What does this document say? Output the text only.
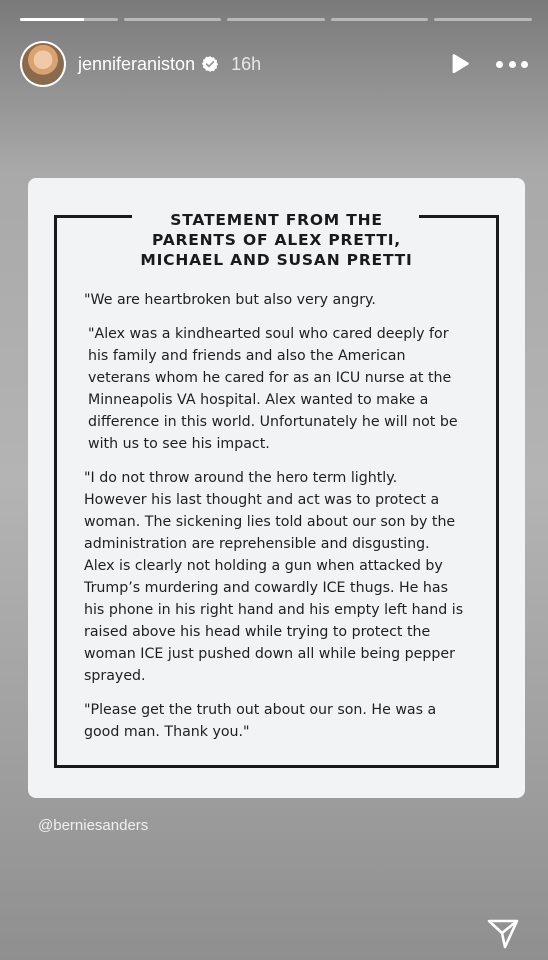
jenniferaniston 16h
STATEMENT FROM THE
PARENTS OF ALEX PRETTI,
MICHAEL AND SUSAN PRETTI

"We are heartbroken but also very angry.

"Alex was a kindhearted soul who cared deeply for
his family and friends and also the American
veterans whom he cared for as an ICU nurse at the
Minneapolis VA hospital. Alex wanted to make a
difference in this world. Unfortunately he will not be
with us to see his impact.

"I do not throw around the hero term lightly.
However his last thought and act was to protect a
woman. The sickening lies told about our son by the
administration are reprehensible and disgusting.
Alex is clearly not holding a gun when attacked by
Trump’s murdering and cowardly ICE thugs. He has
his phone in his right hand and his empty left hand is
raised above his head while trying to protect the
woman ICE just pushed down all while being pepper
sprayed.

"Please get the truth out about our son. He was a
good man. Thank you."

@berniesanders
